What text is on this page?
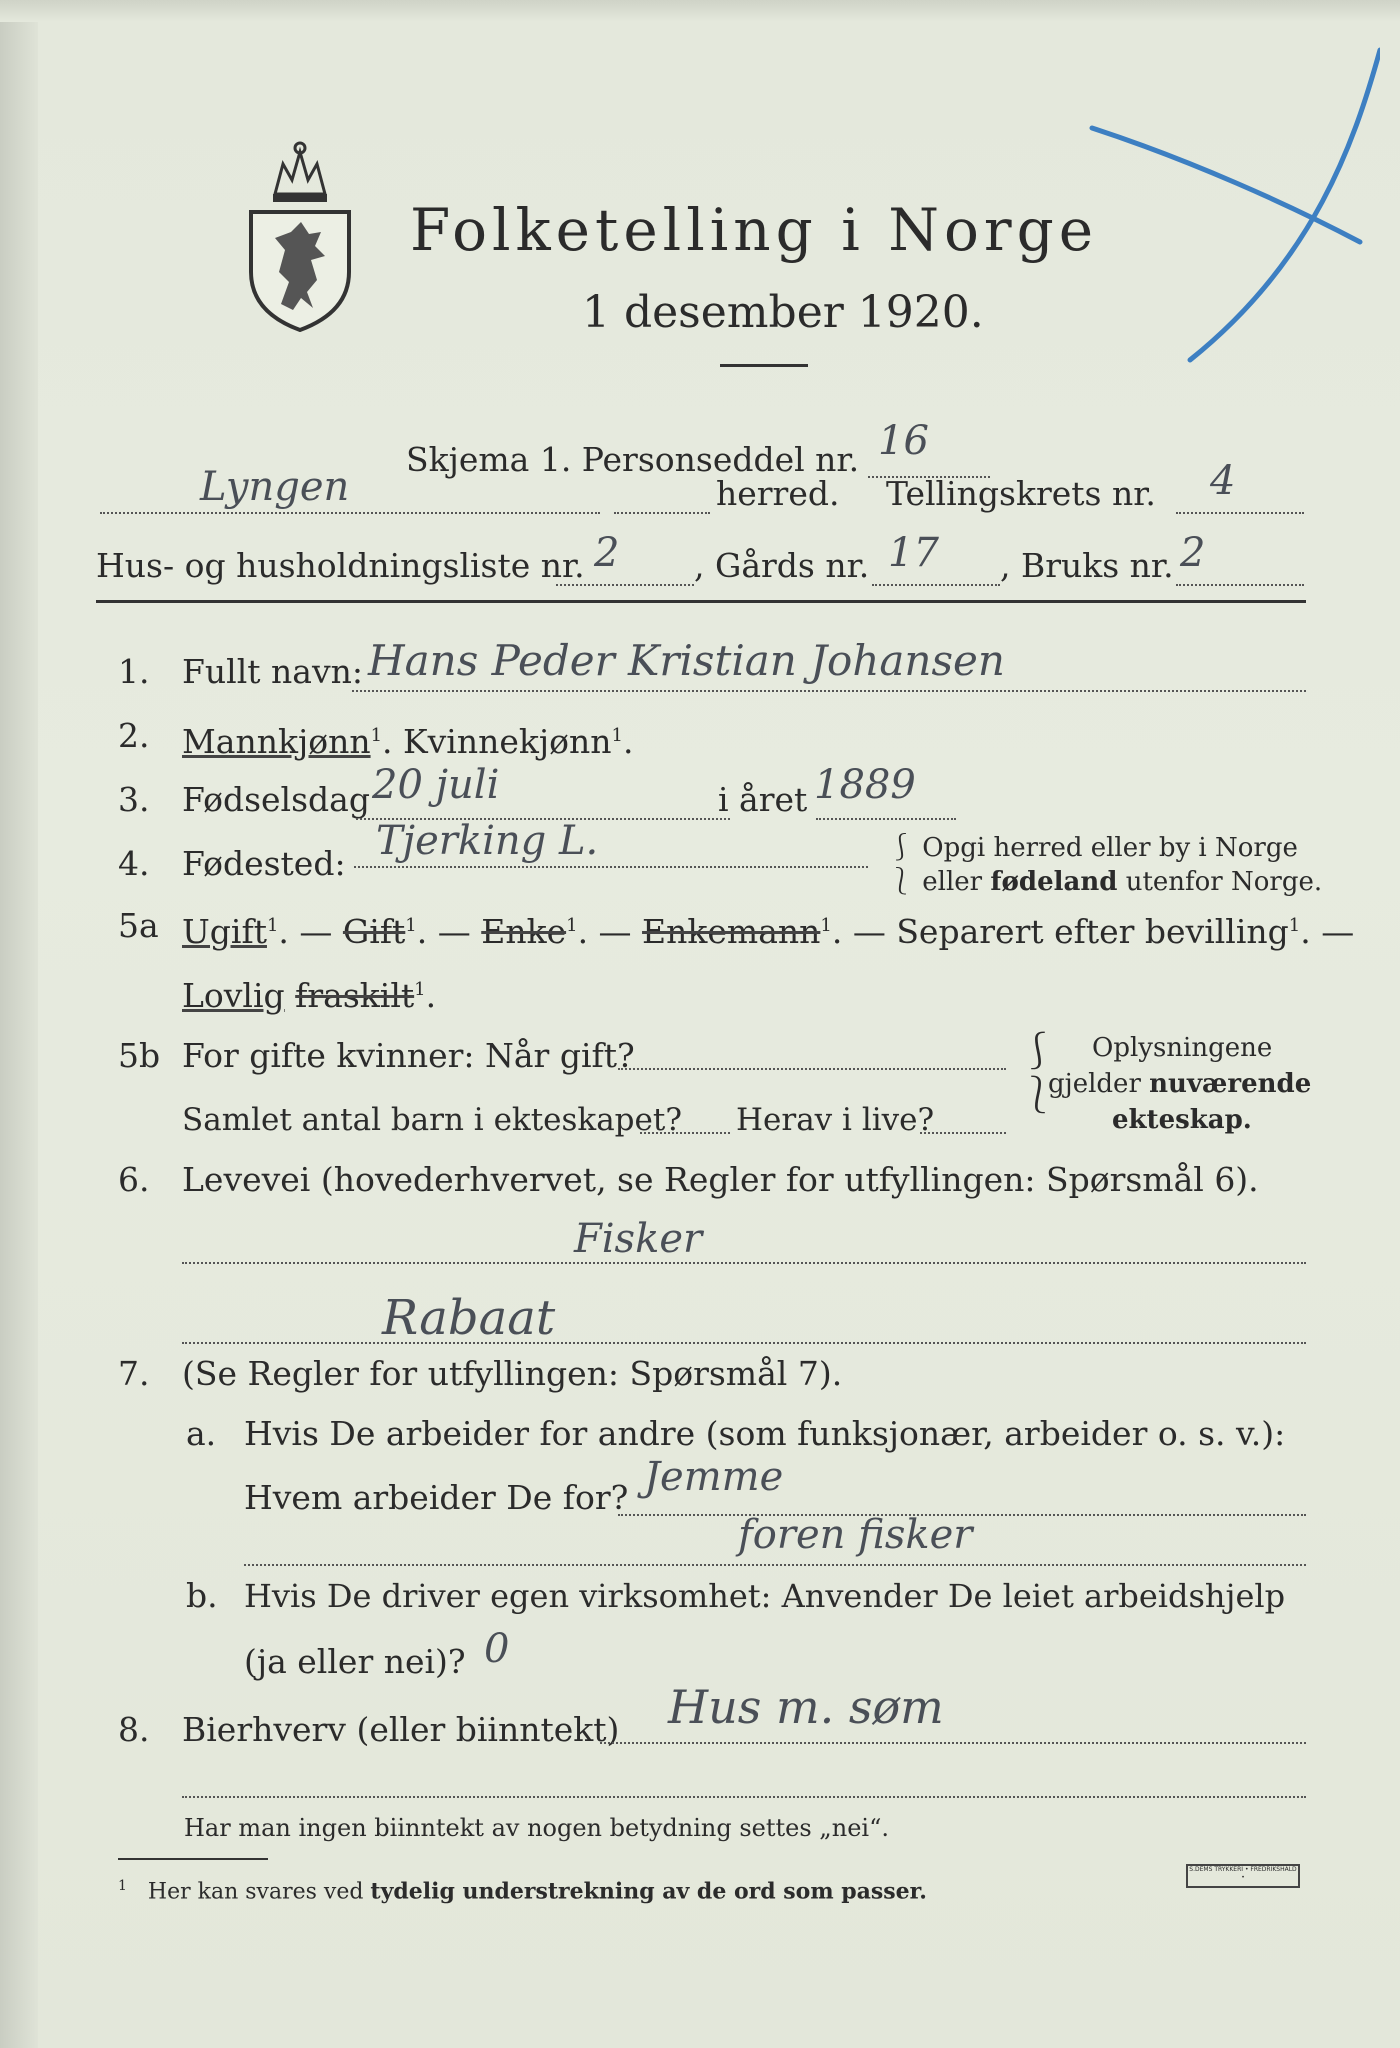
Folketelling i Norge
1 desember 1920.
Skjema 1. Personseddel nr. 16
Lyngen	herred. Tellingskrets nr. 4
Hus- og husholdningsliste nr. 2 , Gårds nr. 17 , Bruks nr. 2
1. Fullt navn: Hans Peder Kristian Johansen
2. Mannkjønn$^1$. Kvinnekjønn$^1$.
3. Fødselsdag 20 juli	i året 1889
4. Fødested: Tjerking L.	⎰ Opgi herred eller by i Norge
⎱ eller fødeland utenfor Norge.
5a Ugift$^1$. — Gift$^1$. — Enke$^1$. — Enkemann$^1$. — Separert efter bevilling$^1$. —
Lovlig fraskilt$^1$.
5b For gifte kvinner: Når gift?
Samlet antal barn i ekteskapet? Herav i live?
⎰
⎱
Oplysningene
gjelder nuværende
ekteskap.
6. Levevei (hovederhvervet, se Regler for utfyllingen: Spørsmål 6).
Fisker
Rabaat
7. (Se Regler for utfyllingen: Spørsmål 7).
a. Hvis De arbeider for andre (som funksjonær, arbeider o. s. v.):
Hvem arbeider De for? Jemme
foren fisker
b. Hvis De driver egen virksomhet: Anvender De leiet arbeidshjelp
(ja eller nei)? 0
8. Bierhverv (eller biinntekt) Hus m. søm
Har man ingen biinntekt av nogen betydning settes „nei“.
$^1$ Her kan svares ved tydelig understrekning av de ord som passer.
S.DEMS TRYKKERI • FREDRIKSHALD •
